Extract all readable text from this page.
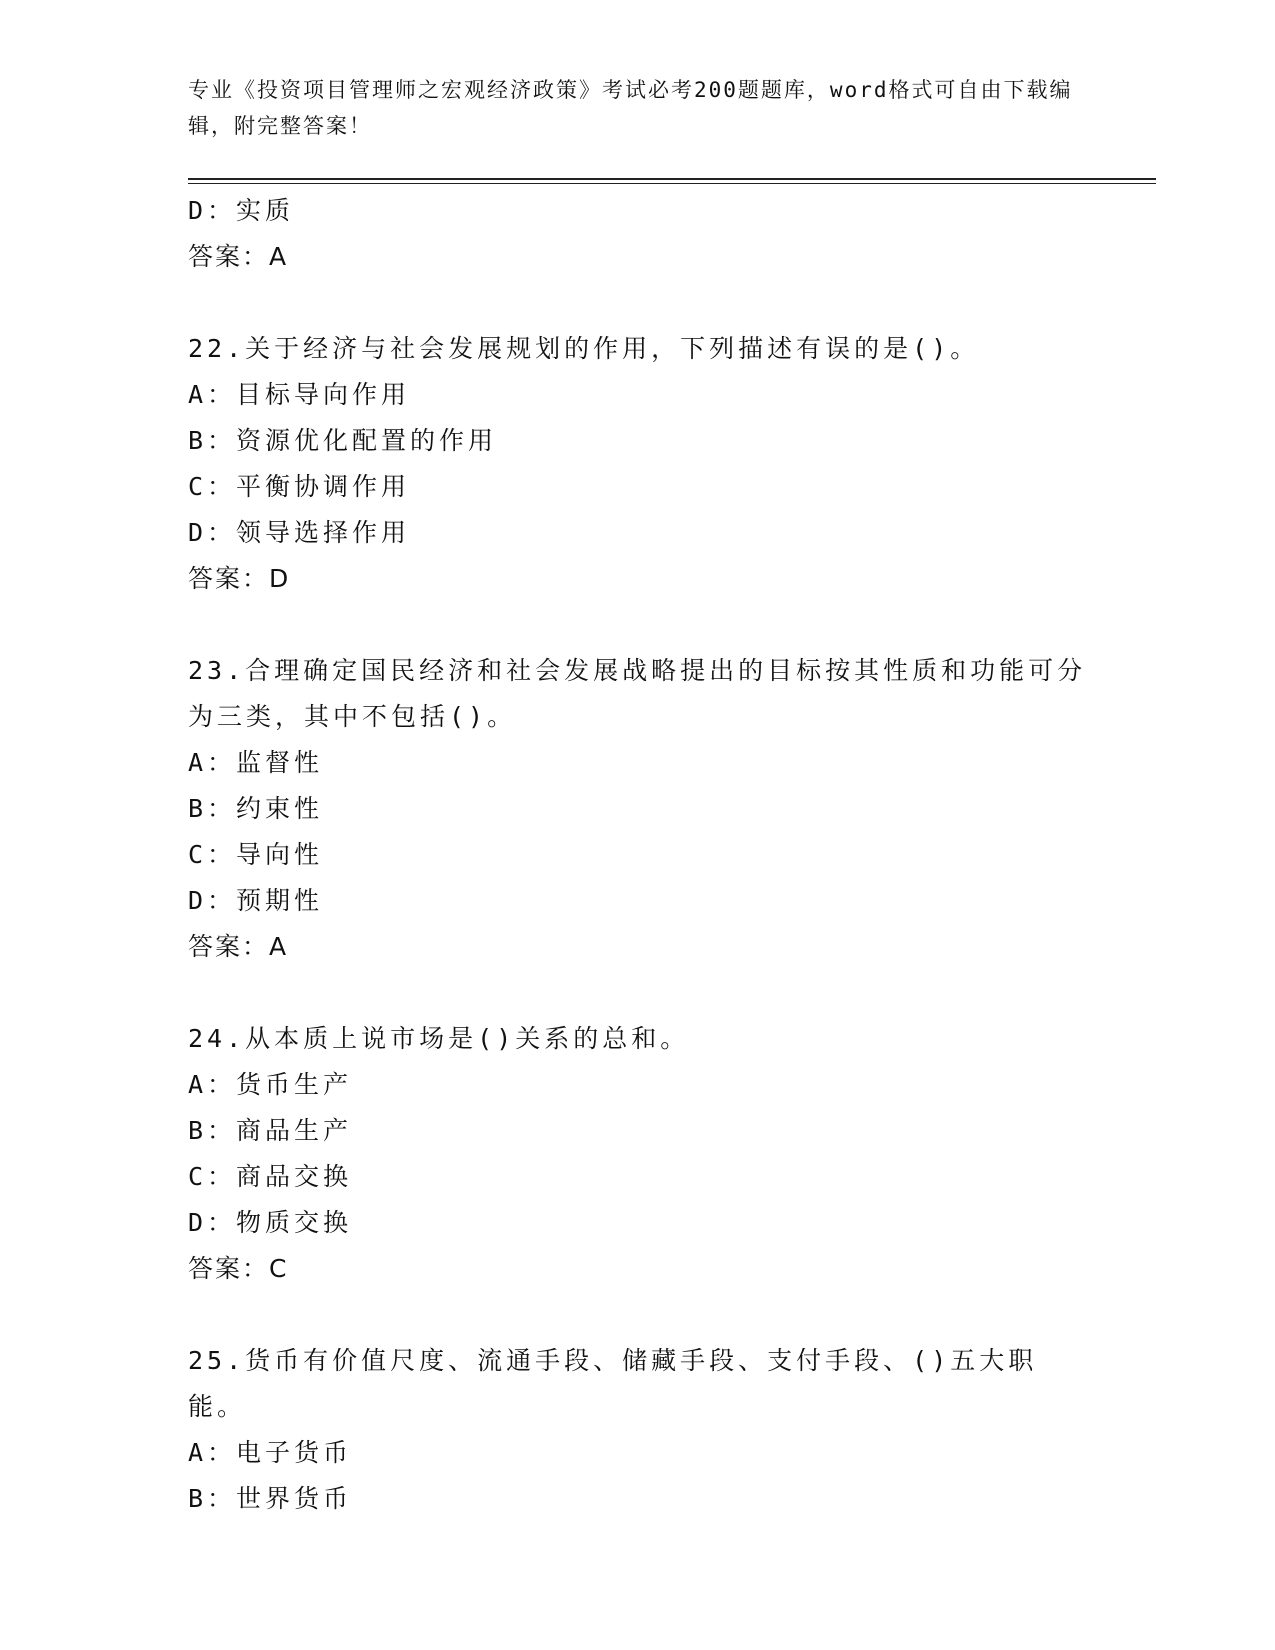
专业《投资项目管理师之宏观经济政策》考试必考200题题库，word格式可自由下载编辑，附完整答案！
D：实质
答案：A
22.关于经济与社会发展规划的作用，下列描述有误的是()。
A：目标导向作用
B：资源优化配置的作用
C：平衡协调作用
D：领导选择作用
答案：D
23.合理确定国民经济和社会发展战略提出的目标按其性质和功能可分为三类，其中不包括()。
A：监督性
B：约束性
C：导向性
D：预期性
答案：A
24.从本质上说市场是()关系的总和。
A：货币生产
B：商品生产
C：商品交换
D：物质交换
答案：C
25.货币有价值尺度、流通手段、储藏手段、支付手段、()五大职能。
A：电子货币
B：世界货币
